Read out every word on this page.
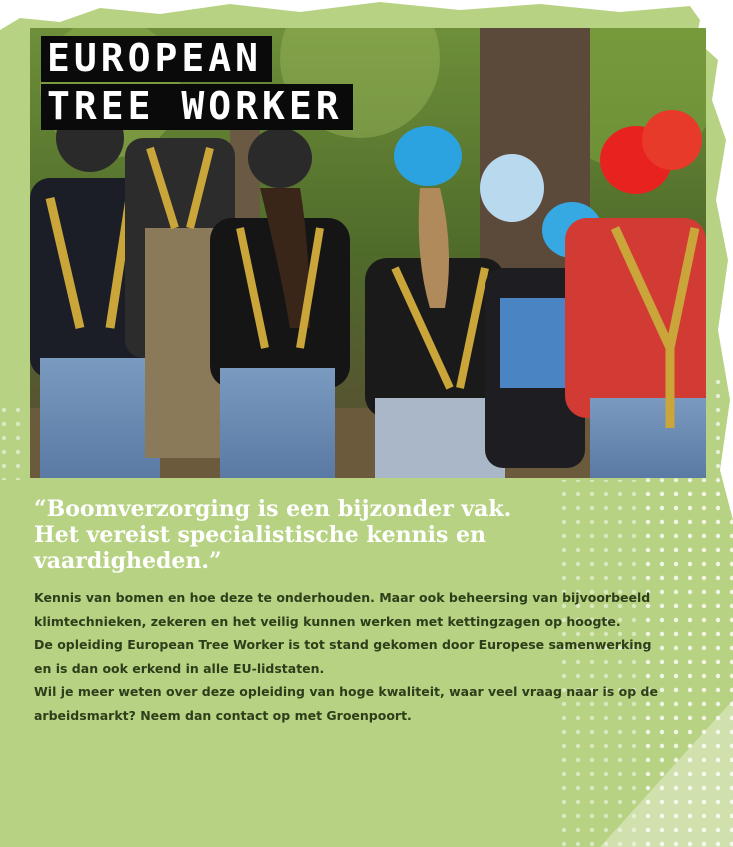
EUROPEAN
TREE WORKER

“Boomverzorging is een bijzonder vak.
Het vereist specialistische kennis en
vaardigheden.”

Kennis van bomen en hoe deze te onderhouden. Maar ook beheersing van bijvoorbeeld
klimtechnieken, zekeren en het veilig kunnen werken met kettingzagen op hoogte.
De opleiding European Tree Worker is tot stand gekomen door Europese samenwerking
en is dan ook erkend in alle EU-lidstaten.
Wil je meer weten over deze opleiding van hoge kwaliteit, waar veel vraag naar is op de
arbeidsmarkt? Neem dan contact op met Groenpoort.
